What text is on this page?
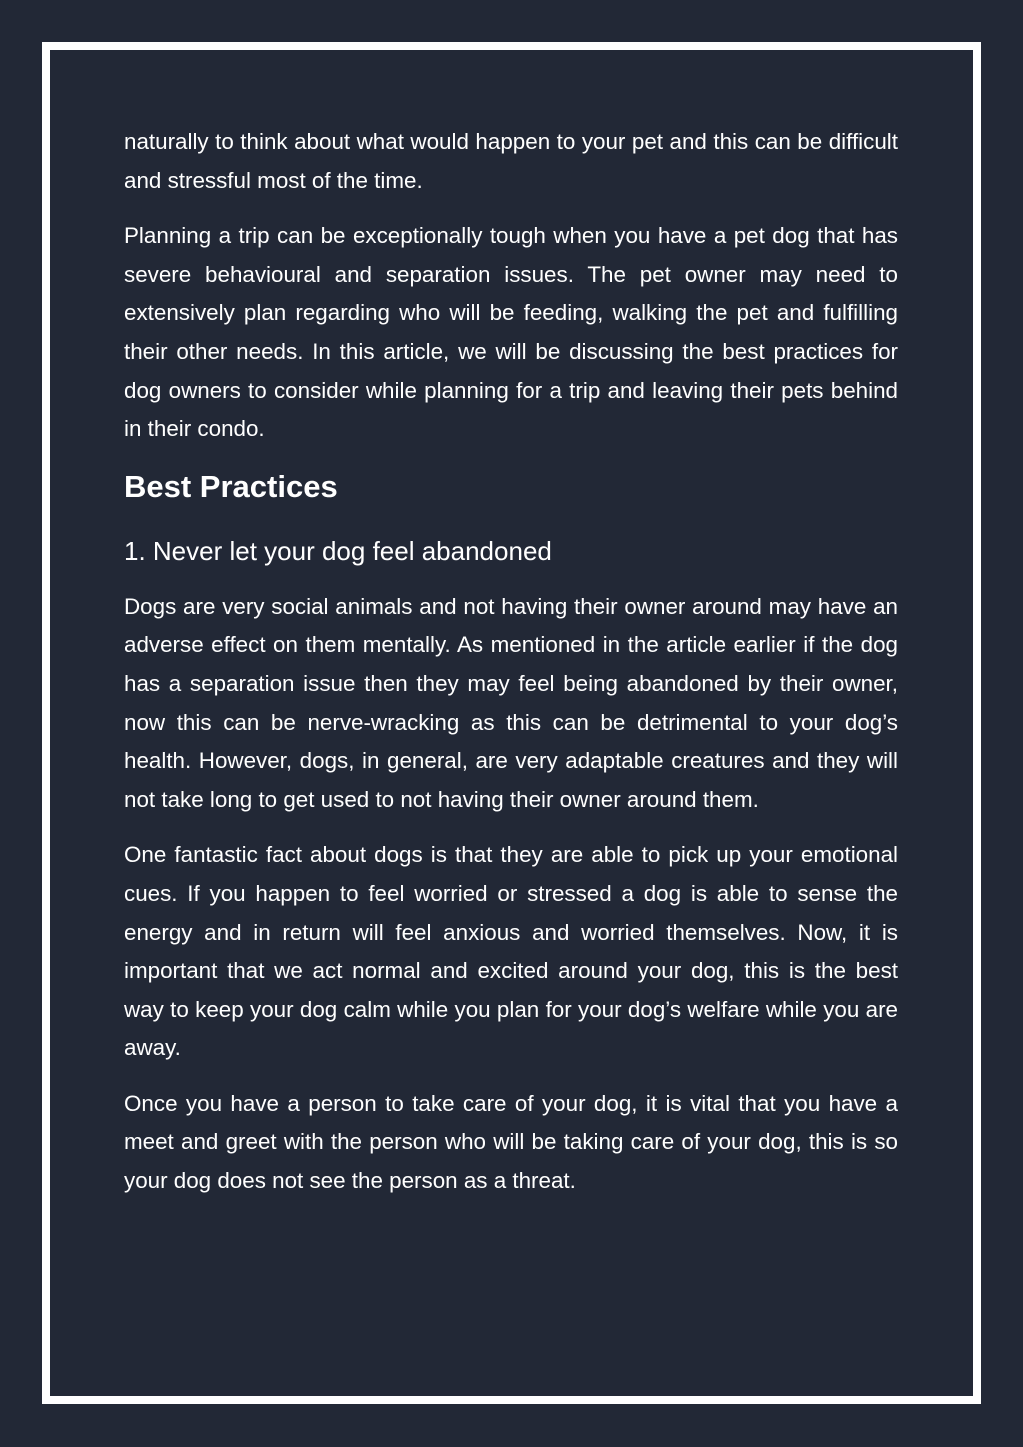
naturally to think about what would happen to your pet and this can be difficult and stressful most of the time.

Planning a trip can be exceptionally tough when you have a pet dog that has severe behavioural and separation issues. The pet owner may need to extensively plan regarding who will be feeding, walking the pet and fulfilling their other needs. In this article, we will be discussing the best practices for dog owners to consider while planning for a trip and leaving their pets behind in their condo.

Best Practices
1. Never let your dog feel abandoned

Dogs are very social animals and not having their owner around may have an adverse effect on them mentally. As mentioned in the article earlier if the dog has a separation issue then they may feel being abandoned by their owner, now this can be nerve-wracking as this can be detrimental to your dog’s health. However, dogs, in general, are very adaptable creatures and they will not take long to get used to not having their owner around them.

One fantastic fact about dogs is that they are able to pick up your emotional cues. If you happen to feel worried or stressed a dog is able to sense the energy and in return will feel anxious and worried themselves. Now, it is important that we act normal and excited around your dog, this is the best way to keep your dog calm while you plan for your dog’s welfare while you are away.

Once you have a person to take care of your dog, it is vital that you have a meet and greet with the person who will be taking care of your dog, this is so your dog does not see the person as a threat.
